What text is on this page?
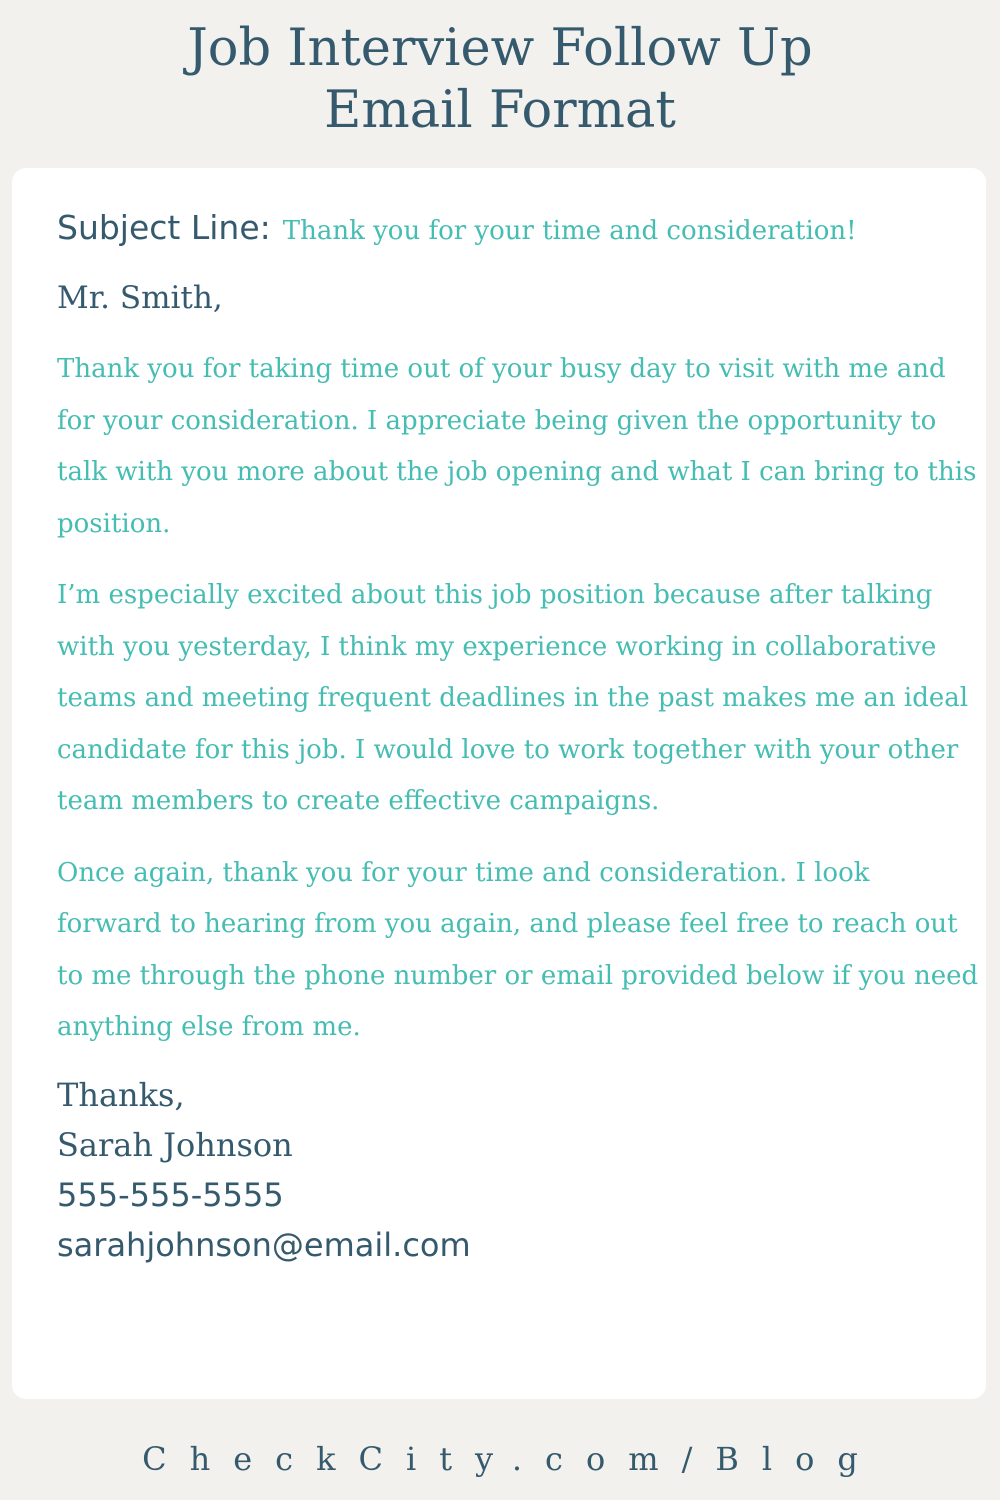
Job Interview Follow Up
Email Format
Subject Line: Thank you for your time and consideration!
Mr. Smith,

Thank you for taking time out of your busy day to visit with me and for your consideration. I appreciate being given the opportunity to talk with you more about the job opening and what I can bring to this position.

I’m especially excited about this job position because after talking with you yesterday, I think my experience working in collaborative teams and meeting frequent deadlines in the past makes me an ideal candidate for this job. I would love to work together with your other team members to create effective campaigns.

Once again, thank you for your time and consideration. I look forward to hearing from you again, and please feel free to reach out to me through the phone number or email provided below if you need anything else from me.

Thanks,
Sarah Johnson
555-555-5555
sarahjohnson@email.com
CheckCity.com/Blog
